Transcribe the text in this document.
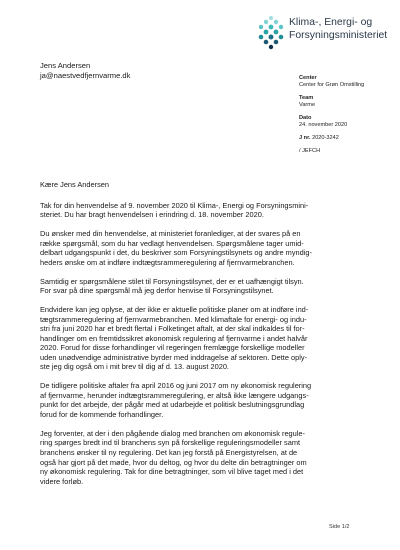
Klima-, Energi- og
Forsyningsministeriet
Jens Andersen
ja@naestvedfjernvarme.dk	Center
Center for Grøn Omstilling
Team
Varme
Dato
24. november 2020
J nr. 2020-3242
/ JEFCH

Kære Jens Andersen

Tak for din henvendelse af 9. november 2020 til Klima-, Energi og Forsyningsministeriet. Du har bragt henvendelsen i erindring d. 18. november 2020.

Du ønsker med din henvendelse, at ministeriet foranlediger, at der svares på en række spørgsmål, som du har vedlagt henvendelsen. Spørgsmålene tager umiddelbart udgangspunkt i det, du beskriver som Forsyningstilsynets og andre myndigheders ønske om at indføre indtægtsrammeregulering af fjernvarmebranchen.

Samtidig er spørgsmålene stilet til Forsyningstilsynet, der er et uafhængigt tilsyn. For svar på dine spørgsmål må jeg derfor henvise til Forsyningstilsynet.

Endvidere kan jeg oplyse, at der ikke er aktuelle politiske planer om at indføre indtægtsrammeregulering af fjernvarmebranchen. Med klimaftale for energi- og industri fra juni 2020 har et bredt flertal i Folketinget aftalt, at der skal indkaldes til forhandlinger om en fremtidssikret økonomisk regulering af fjernvarme i andet halvår 2020. Forud for disse forhandlinger vil regeringen fremlægge forskellige modeller uden unødvendige administrative byrder med inddragelse af sektoren. Dette oplyste jeg dig også om i mit brev til dig af d. 13. august 2020.

De tidligere politiske aftaler fra april 2016 og juni 2017 om ny økonomisk regulering af fjernvarme, herunder indtægtsrammeregulering, er altså ikke længere udgangspunkt for det arbejde, der pågår med at udarbejde et politisk beslutningsgrundlag forud for de kommende forhandlinger.

Jeg forventer, at der i den pågående dialog med branchen om økonomisk regulering spørges bredt ind til branchens syn på forskellige reguleringsmodeller samt branchens ønsker til ny regulering. Det kan jeg forstå på Energistyrelsen, at de også har gjort på det møde, hvor du deltog, og hvor du delte din betragtninger om ny økonomisk regulering. Tak for dine betragtninger, som vil blive taget med i det videre forløb.

Side 1/2
